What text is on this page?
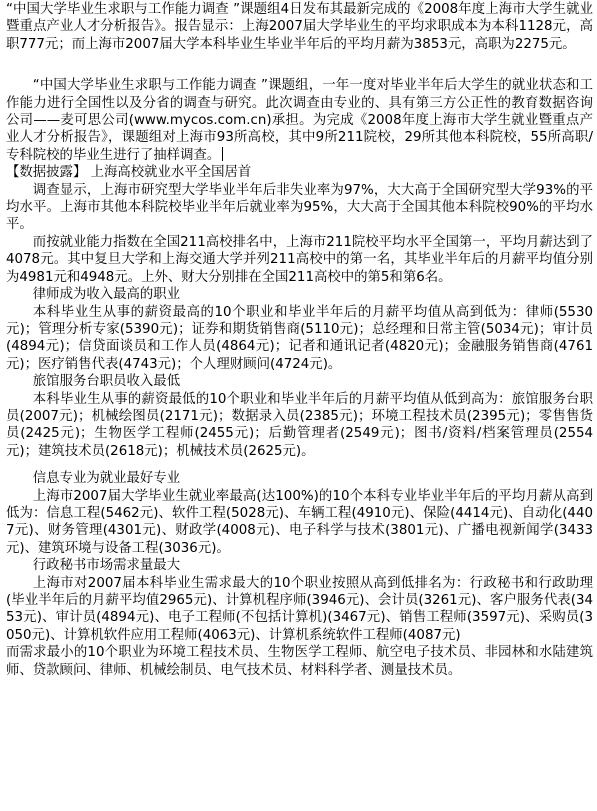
“中国大学毕业生求职与工作能力调查 ”课题组4日发布其最新完成的《2008年度上海市大学生就业暨重点产业人才分析报告》。报告显示：上海2007届大学毕业生的平均求职成本为本科1128元，高职777元；而上海市2007届大学本科毕业生毕业半年后的平均月薪为3853元，高职为2275元。

“中国大学毕业生求职与工作能力调查 ”课题组，一年一度对毕业半年后大学生的就业状态和工作能力进行全国性以及分省的调查与研究。此次调查由专业的、具有第三方公正性的教育数据咨询公司——麦可思公司(www.mycos.com.cn)承担。为完成《2008年度上海市大学生就业暨重点产业人才分析报告》，课题组对上海市93所高校，其中9所211院校，29所其他本科院校，55所高职/专科院校的毕业生进行了抽样调查。

【数据披露】 上海高校就业水平全国居首

调查显示，上海市研究型大学毕业半年后非失业率为97%，大大高于全国研究型大学93%的平均水平。上海市其他本科院校毕业半年后就业率为95%，大大高于全国其他本科院校90%的平均水平。

而按就业能力指数在全国211高校排名中，上海市211院校平均水平全国第一，平均月薪达到了4078元。其中复旦大学和上海交通大学并列211高校中的第一名，其毕业半年后的月薪平均值分别为4981元和4948元。上外、财大分别排在全国211高校中的第5和第6名。

律师成为收入最高的职业

本科毕业生从事的薪资最高的10个职业和毕业半年后的月薪平均值从高到低为：律师(5530元)；管理分析专家(5390元)；证券和期货销售商(5110元)；总经理和日常主管(5034元)；审计员(4894元)；信贷面谈员和工作人员(4864元)；记者和通讯记者(4820元)；金融服务销售商(4761元)；医疗销售代表(4743元)；个人理财顾问(4724元)。

旅馆服务台职员收入最低

本科毕业生从事的薪资最低的10个职业和毕业半年后的月薪平均值从低到高为：旅馆服务台职员(2007元)；机械绘图员(2171元)；数据录入员(2385元)；环境工程技术员(2395元)；零售售货员(2425元)；生物医学工程师(2455元)；后勤管理者(2549元)；图书/资料/档案管理员(2554元)；建筑技术员(2618元)；机械技术员(2625元)。

信息专业为就业最好专业

上海市2007届大学毕业生就业率最高(达100%)的10个本科专业毕业半年后的平均月薪从高到低为：信息工程(5462元)、软件工程(5028元)、车辆工程(4910元)、保险(4414元)、自动化(4407元)、财务管理(4301元)、财政学(4008元)、电子科学与技术(3801元)、广播电视新闻学(3433元)、建筑环境与设备工程(3036元)。

行政秘书市场需求量最大

上海市对2007届本科毕业生需求最大的10个职业按照从高到低排名为：行政秘书和行政助理(毕业半年后的月薪平均值2965元)、计算机程序师(3946元)、会计员(3261元)、客户服务代表(3453元)、审计员(4894元)、电子工程师(不包括计算机)(3467元)、销售工程师(3597元)、采购员(3050元)、计算机软件应用工程师(4063元)、计算机系统软件工程师(4087元)

而需求最小的10个职业为环境工程技术员、生物医学工程师、航空电子技术员、非园林和水陆建筑师、贷款顾问、律师、机械绘制员、电气技术员、材料科学者、测量技术员。
